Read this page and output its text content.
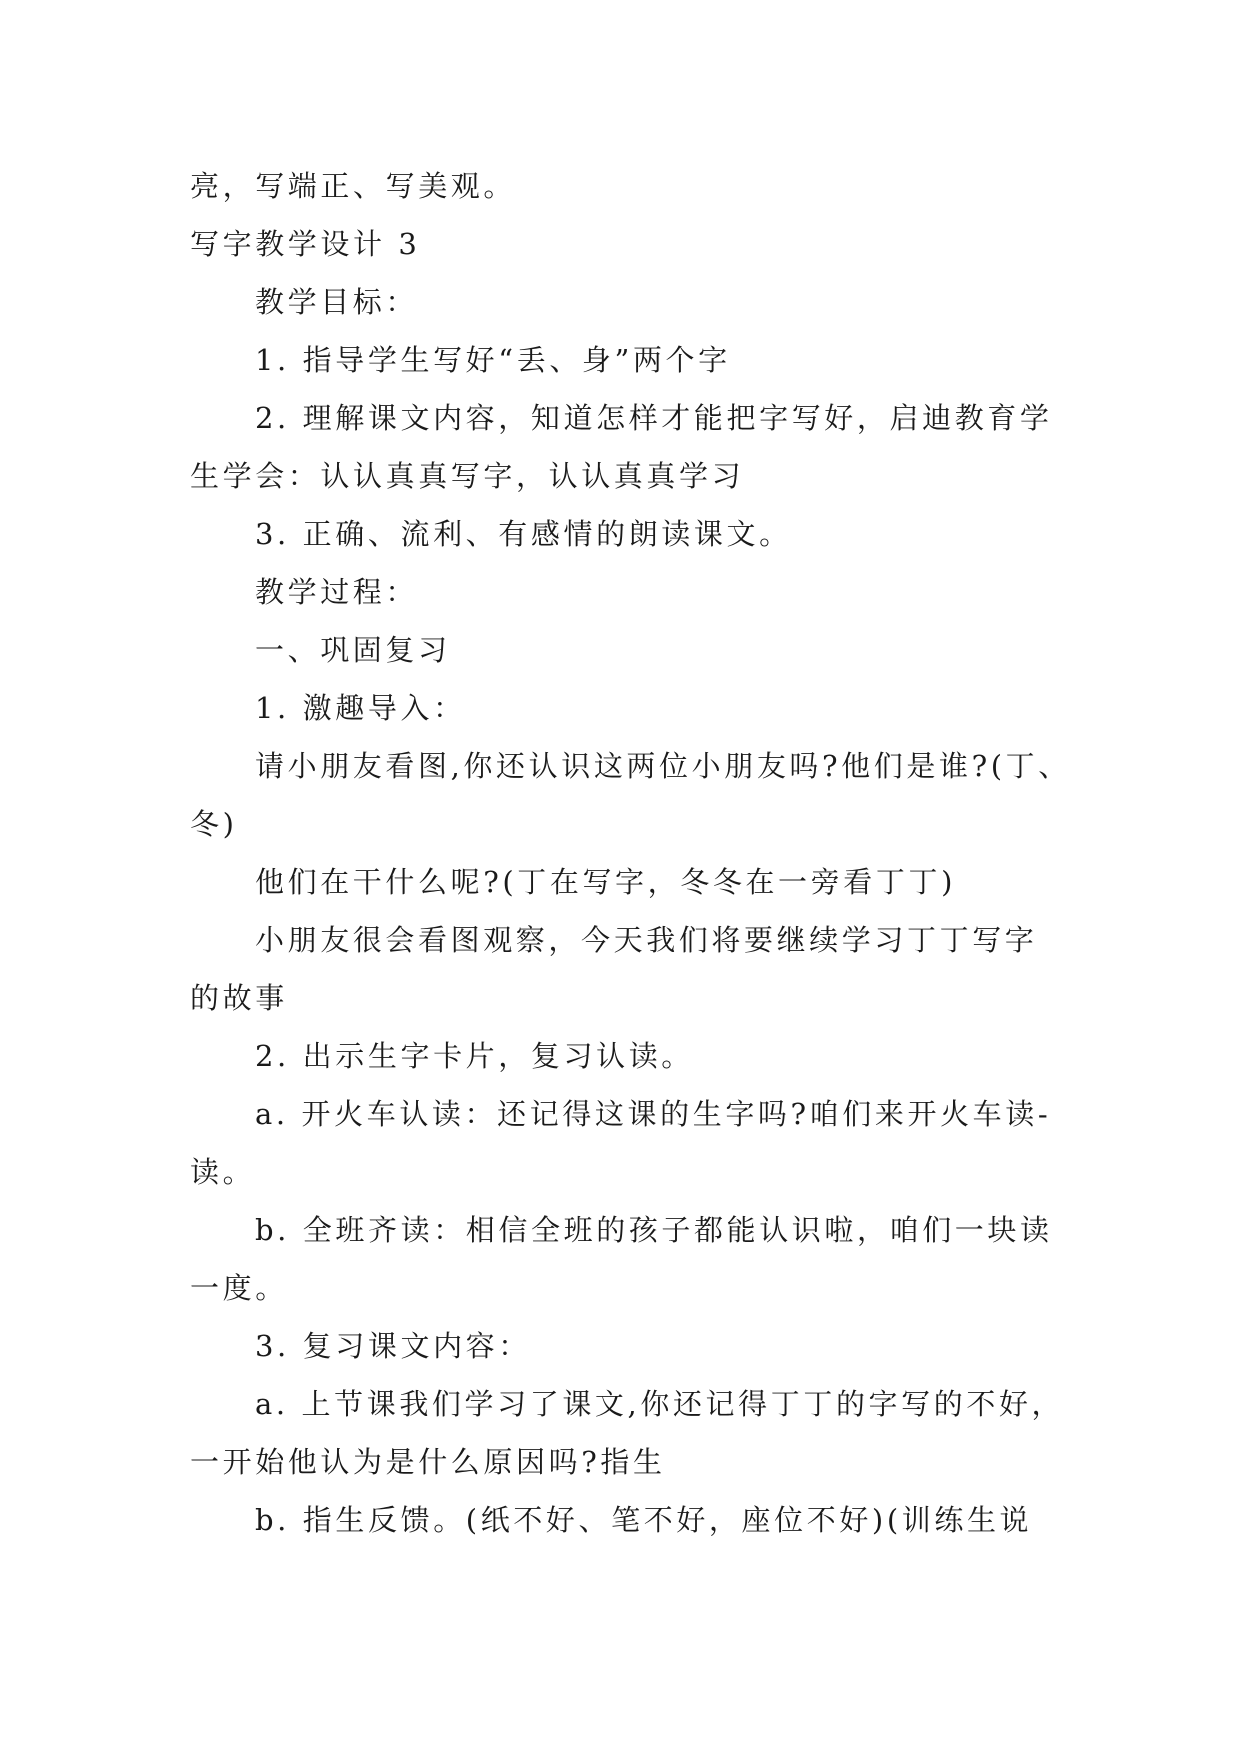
亮，写端正、写美观。
写字教学设计 3
教学目标：
1. 指导学生写好“丢、身”两个字
2. 理解课文内容，知道怎样才能把字写好，启迪教育学
生学会：认认真真写字，认认真真学习
3. 正确、流利、有感情的朗读课文。
教学过程：
一、巩固复习
1. 激趣导入：
请小朋友看图,你还认识这两位小朋友吗?他们是谁?(丁、
冬)
他们在干什么呢?(丁在写字，冬冬在一旁看丁丁)
小朋友很会看图观察，今天我们将要继续学习丁丁写字
的故事
2. 出示生字卡片，复习认读。
a. 开火车认读：还记得这课的生字吗?咱们来开火车读-
读。
b. 全班齐读：相信全班的孩子都能认识啦，咱们一块读
一度。
3. 复习课文内容：
a. 上节课我们学习了课文,你还记得丁丁的字写的不好，
一开始他认为是什么原因吗?指生
b. 指生反馈。(纸不好、笔不好，座位不好)(训练生说
